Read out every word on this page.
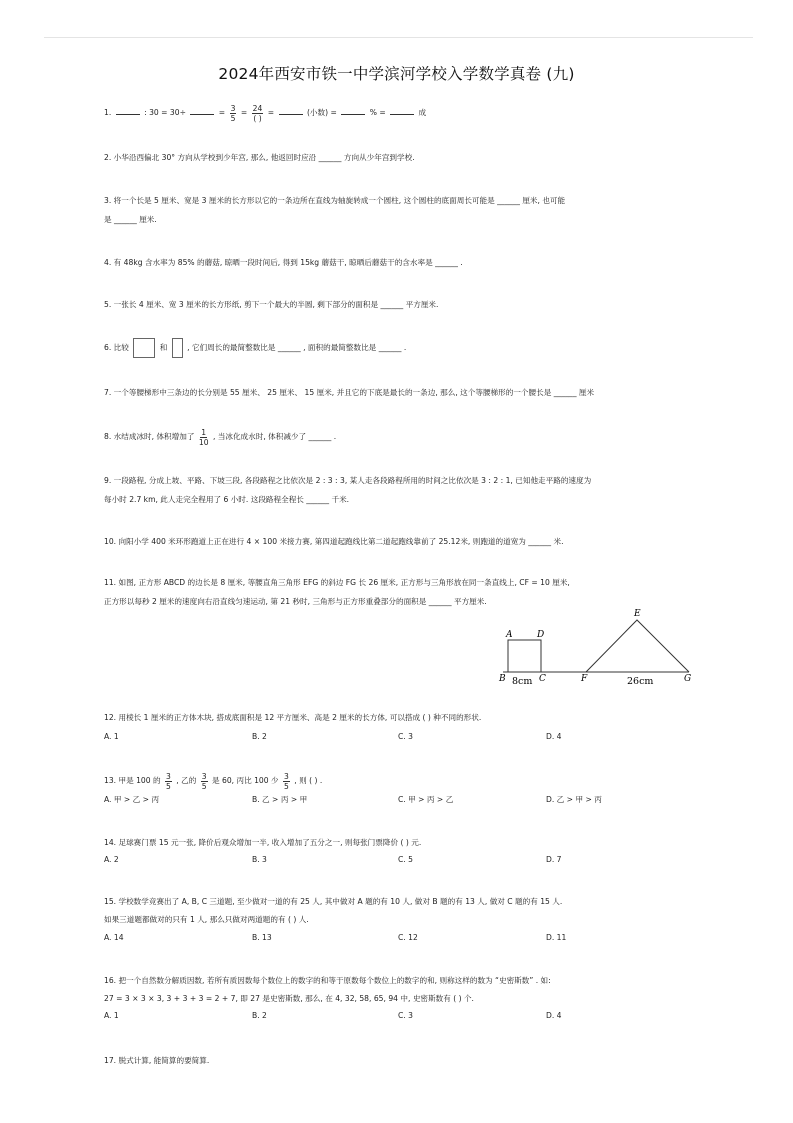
2024年西安市铁一中学滨河学校入学数学真卷 (九)
1.	: 30 = 30÷	= $\frac{3}{5} = \frac{24}{( )}$ =	(小数) =	% =	成
2. 小华沿西偏北 30° 方向从学校到少年宫, 那么, 他返回时应沿 ______ 方向从少年宫到学校.
3. 将一个长是 5 厘米、宽是 3 厘米的长方形以它的一条边所在直线为轴旋转成一个圆柱, 这个圆柱的底面周长可能是 ______ 厘米, 也可能
是 ______ 厘米.
4. 有 48kg 含水率为 85% 的蘑菇, 晾晒一段时间后, 得到 15kg 蘑菇干, 晾晒后蘑菇干的含水率是 ______ .
5. 一张长 4 厘米、宽 3 厘米的长方形纸, 剪下一个最大的半圆, 剩下部分的面积是 ______ 平方厘米.
6. 比较	和	, 它们周长的最简整数比是 ______ , 面积的最简整数比是 ______ .
7. 一个等腰梯形中三条边的长分别是 55 厘米、 25 厘米、 15 厘米, 并且它的下底是最长的一条边, 那么, 这个等腰梯形的一个腰长是 ______ 厘米
8. 水结成冰时, 体积增加了 $\frac{1}{10}$ , 当冰化成水时, 体积减少了 ______ .
9. 一段路程, 分成上坡、平路、下坡三段, 各段路程之比依次是 2 : 3 : 3, 某人走各段路程所用的时间之比依次是 3 : 2 : 1, 已知他走平路的速度为
每小时 2.7 km, 此人走完全程用了 6 小时. 这段路程全程长 ______ 千米.
10. 向阳小学 400 米环形跑道上正在进行 4 × 100 米接力赛, 第四道起跑线比第二道起跑线靠前了 25.12米, 则跑道的道宽为 ______ 米.
11. 如图, 正方形 ABCD 的边长是 8 厘米, 等腰直角三角形 EFG 的斜边 FG 长 26 厘米, 正方形与三角形放在同一条直线上, CF = 10 厘米,
正方形以每秒 2 厘米的速度向右沿直线匀速运动, 第 21 秒时, 三角形与正方形重叠部分的面积是 ______ 平方厘米.
A	D
B	C	F
E
G
8cm	26cm
12. 用棱长 1 厘米的正方体木块, 搭成底面积是 12 平方厘米、高是 2 厘米的长方体, 可以搭成 ( ) 种不同的形状.
A. 1	B. 2	C. 3	D. 4
13. 甲是 100 的 $\frac{3}{5}$ , 乙的 $\frac{3}{5}$ 是 60, 丙比 100 少 $\frac{3}{5}$ , 则 ( ) .
A. 甲 > 乙 > 丙	B. 乙 > 丙 > 甲	C. 甲 > 丙 > 乙	D. 乙 > 甲 > 丙
14. 足球赛门票 15 元一张, 降价后观众增加一半, 收入增加了五分之一, 则每张门票降价 ( ) 元.
A. 2	B. 3	C. 5	D. 7
15. 学校数学竞赛出了 A, B, C 三道题, 至少做对一道的有 25 人, 其中做对 A 题的有 10 人, 做对 B 题的有 13 人, 做对 C 题的有 15 人.
如果三道题都做对的只有 1 人, 那么只做对两道题的有 ( ) 人.
A. 14	B. 13	C. 12	D. 11
16. 把一个自然数分解质因数, 若所有质因数每个数位上的数字的和等于原数每个数位上的数字的和, 则称这样的数为 “史密斯数” . 如:
27 = 3 × 3 × 3, 3 + 3 + 3 = 2 + 7, 即 27 是史密斯数, 那么, 在 4, 32, 58, 65, 94 中, 史密斯数有 ( ) 个.
A. 1	B. 2	C. 3	D. 4
17. 脱式计算, 能简算的要简算.
